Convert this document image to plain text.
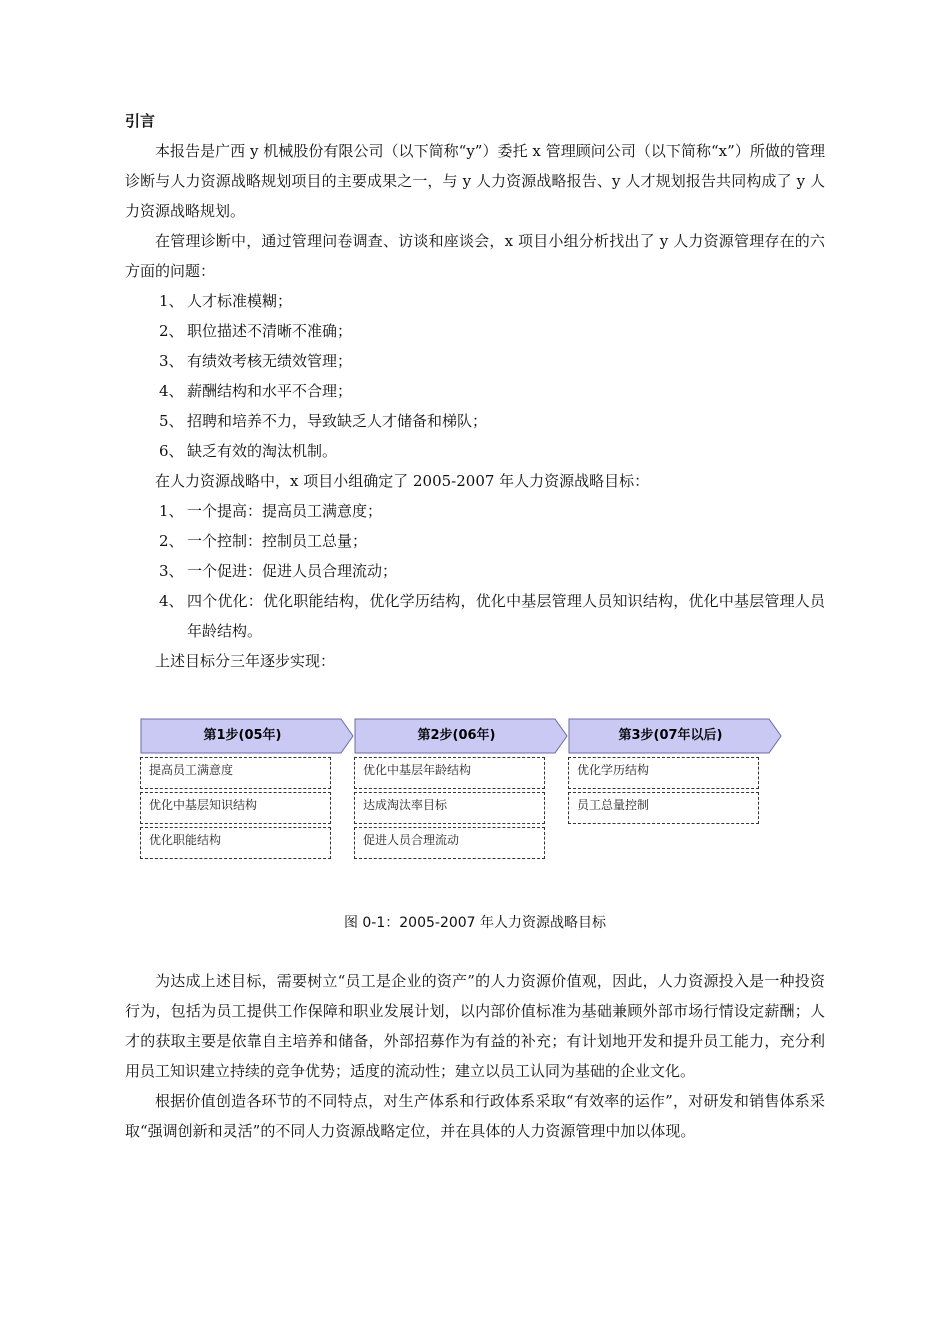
引言

本报告是广西 y 机械股份有限公司（以下简称“y”）委托 x 管理顾问公司（以下简称“x”）所做的管理诊断与人力资源战略规划项目的主要成果之一，与 y 人力资源战略报告、y 人才规划报告共同构成了 y 人力资源战略规划。

在管理诊断中，通过管理问卷调查、访谈和座谈会，x 项目小组分析找出了 y 人力资源管理存在的六方面的问题：

1、 人才标准模糊；
2、 职位描述不清晰不准确；
3、 有绩效考核无绩效管理；
4、 薪酬结构和水平不合理；
5、 招聘和培养不力，导致缺乏人才储备和梯队；
6、 缺乏有效的淘汰机制。

在人力资源战略中，x 项目小组确定了 2005-2007 年人力资源战略目标：

1、 一个提高：提高员工满意度；
2、 一个控制：控制员工总量；
3、 一个促进：促进人员合理流动；
4、 四个优化：优化职能结构，优化学历结构，优化中基层管理人员知识结构，优化中基层管理人员年龄结构。

上述目标分三年逐步实现：

第1步(05年)
提高员工满意度
优化中基层知识结构
优化职能结构
第2步(06年)
优化中基层年龄结构
达成淘汰率目标
促进人员合理流动
第3步(07年以后)
优化学历结构
员工总量控制
图 0-1：2005-2007 年人力资源战略目标

为达成上述目标，需要树立“员工是企业的资产”的人力资源价值观，因此，人力资源投入是一种投资行为，包括为员工提供工作保障和职业发展计划，以内部价值标准为基础兼顾外部市场行情设定薪酬；人才的获取主要是依靠自主培养和储备，外部招募作为有益的补充；有计划地开发和提升员工能力，充分利用员工知识建立持续的竞争优势；适度的流动性；建立以员工认同为基础的企业文化。

根据价值创造各环节的不同特点，对生产体系和行政体系采取“有效率的运作”，对研发和销售体系采取“强调创新和灵活”的不同人力资源战略定位，并在具体的人力资源管理中加以体现。
